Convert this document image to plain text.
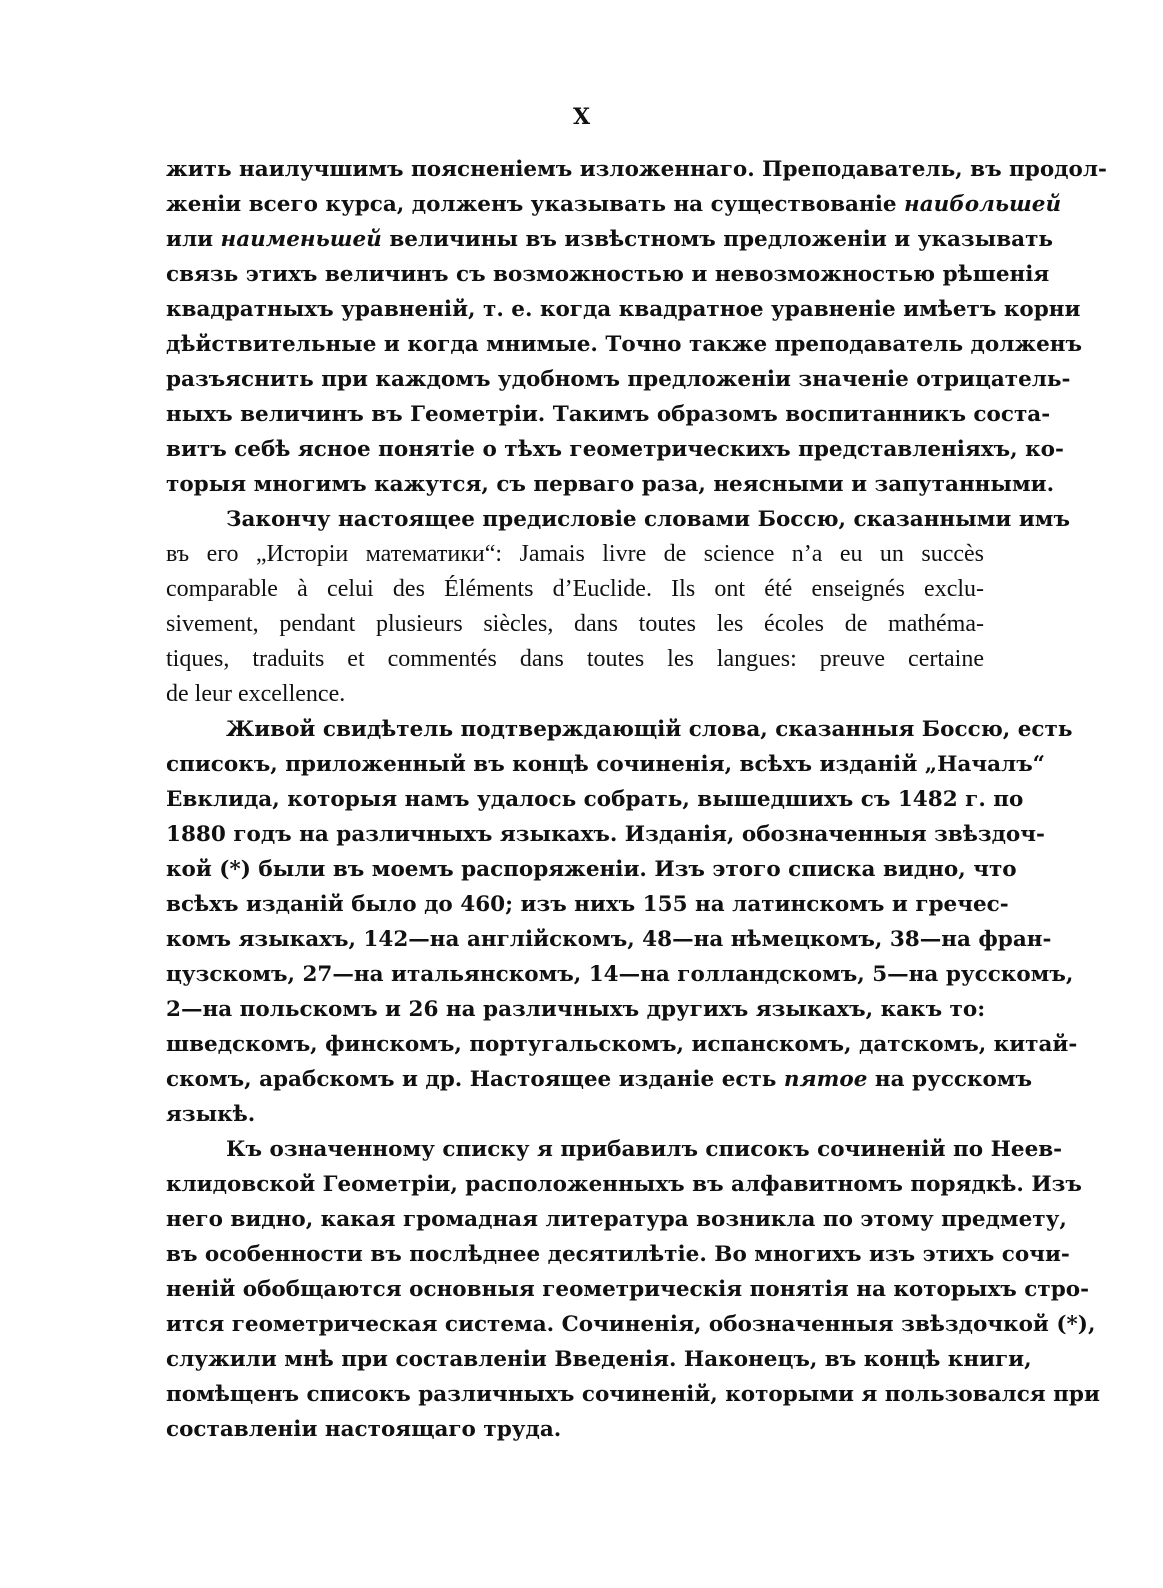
X
жить наилучшимъ поясненіемъ изложеннаго. Преподаватель, въ продол-
женіи всего курса, долженъ указывать на существованіе наибольшей
или наименьшей величины въ извѣстномъ предложеніи и указывать
связь этихъ величинъ съ возможностью и невозможностью рѣшенія
квадратныхъ уравненій, т. е. когда квадратное уравненіе имѣетъ корни
дѣйствительные и когда мнимые. Точно также преподаватель долженъ
разъяснить при каждомъ удобномъ предложеніи значеніе отрицатель-
ныхъ величинъ въ Геометріи. Такимъ образомъ воспитанникъ соста-
витъ себѣ ясное понятіе о тѣхъ геометрическихъ представленіяхъ, ко-
торыя многимъ кажутся, съ перваго раза, неясными и запутанными.
Закончу настоящее предисловіе словами Боссю, сказанными имъ
въ его „Исторіи математики“: Jamais livre de science n’a eu un succès
comparable à celui des Éléments d’Euclide. Ils ont été enseignés exclu-
sivement, pendant plusieurs siècles, dans toutes les écoles de mathéma-
tiques, traduits et commentés dans toutes les langues: preuve certaine
de leur excellence.
Живой свидѣтель подтверждающій слова, сказанныя Боссю, есть
списокъ, приложенный въ концѣ сочиненія, всѣхъ изданій „Началъ“
Евклида, которыя намъ удалось собрать, вышедшихъ съ 1482 г. по
1880 годъ на различныхъ языкахъ. Изданія, обозначенныя звѣздоч-
кой (*) были въ моемъ распоряженіи. Изъ этого списка видно, что
всѣхъ изданій было до 460; изъ нихъ 155 на латинскомъ и гречес-
комъ языкахъ, 142—на англійскомъ, 48—на нѣмецкомъ, 38—на фран-
цузскомъ, 27—на итальянскомъ, 14—на голландскомъ, 5—на русскомъ,
2—на польскомъ и 26 на различныхъ другихъ языкахъ, какъ то:
шведскомъ, финскомъ, португальскомъ, испанскомъ, датскомъ, китай-
скомъ, арабскомъ и др. Настоящее изданіе есть пятое на русскомъ
языкѣ.
Къ означенному списку я прибавилъ списокъ сочиненій по Неев-
клидовской Геометріи, расположенныхъ въ алфавитномъ порядкѣ. Изъ
него видно, какая громадная литература возникла по этому предмету,
въ особенности въ послѣднее десятилѣтіе. Во многихъ изъ этихъ сочи-
неній обобщаются основныя геометрическія понятія на которыхъ стро-
ится геометрическая система. Сочиненія, обозначенныя звѣздочкой (*),
служили мнѣ при составленіи Введенія. Наконецъ, въ концѣ книги,
помѣщенъ списокъ различныхъ сочиненій, которыми я пользовался при
составленіи настоящаго труда.
